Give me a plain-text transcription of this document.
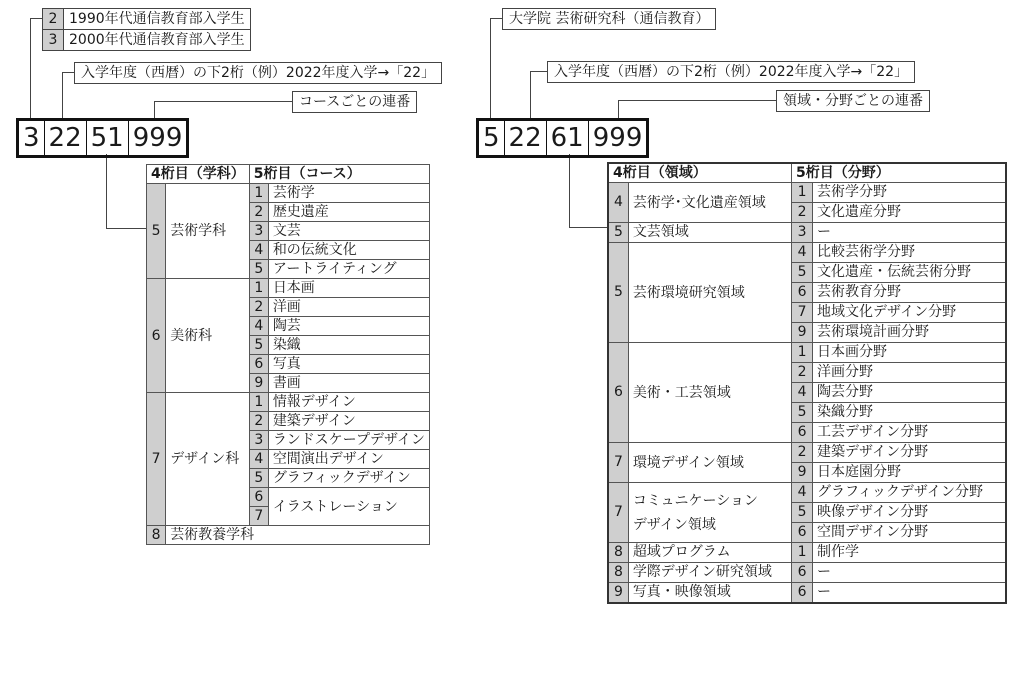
2 1990年代通信教育部入学生
3 2000年代通信教育部入学生
入学年度（西暦）の下2桁（例）2022年度入学→「22」
コースごとの連番
3 22 51 999
4桁目（学科）		5桁目（コース）	
5	芸術学科	1	芸術学
		2	歴史遺産
		3	文芸
		4	和の伝統文化
		5	アートライティング
6	美術科	1	日本画
		2	洋画
		4	陶芸
		5	染織
		6	写真
		9	書画
7	デザイン科	1	情報デザイン
		2	建築デザイン
		3	ランドスケープデザイン
		4	空間演出デザイン
		5	グラフィックデザイン
		6	イラストレーション
		7	
8	芸術教養学科		
大学院 芸術研究科（通信教育）
入学年度（西暦）の下2桁（例）2022年度入学→「22」
領域・分野ごとの連番
5 22 61 999
4桁目（領域）		5桁目（分野）	
4	芸術学･文化遺産領域	1	芸術学分野
		2	文化遺産分野
5	文芸領域	3	ー
5	芸術環境研究領域	4	比較芸術学分野
		5	文化遺産・伝統芸術分野
		6	芸術教育分野
		7	地域文化デザイン分野
		9	芸術環境計画分野
6	美術・工芸領域	1	日本画分野
		2	洋画分野
		4	陶芸分野
		5	染織分野
		6	工芸デザイン分野
7	環境デザイン領域	2	建築デザイン分野
		9	日本庭園分野
7	コミュニケーション
デザイン領域	4	グラフィックデザイン分野
		5	映像デザイン分野
		6	空間デザイン分野
8	超域プログラム	1	制作学
8	学際デザイン研究領域	6	ー
9	写真・映像領域	6	ー
